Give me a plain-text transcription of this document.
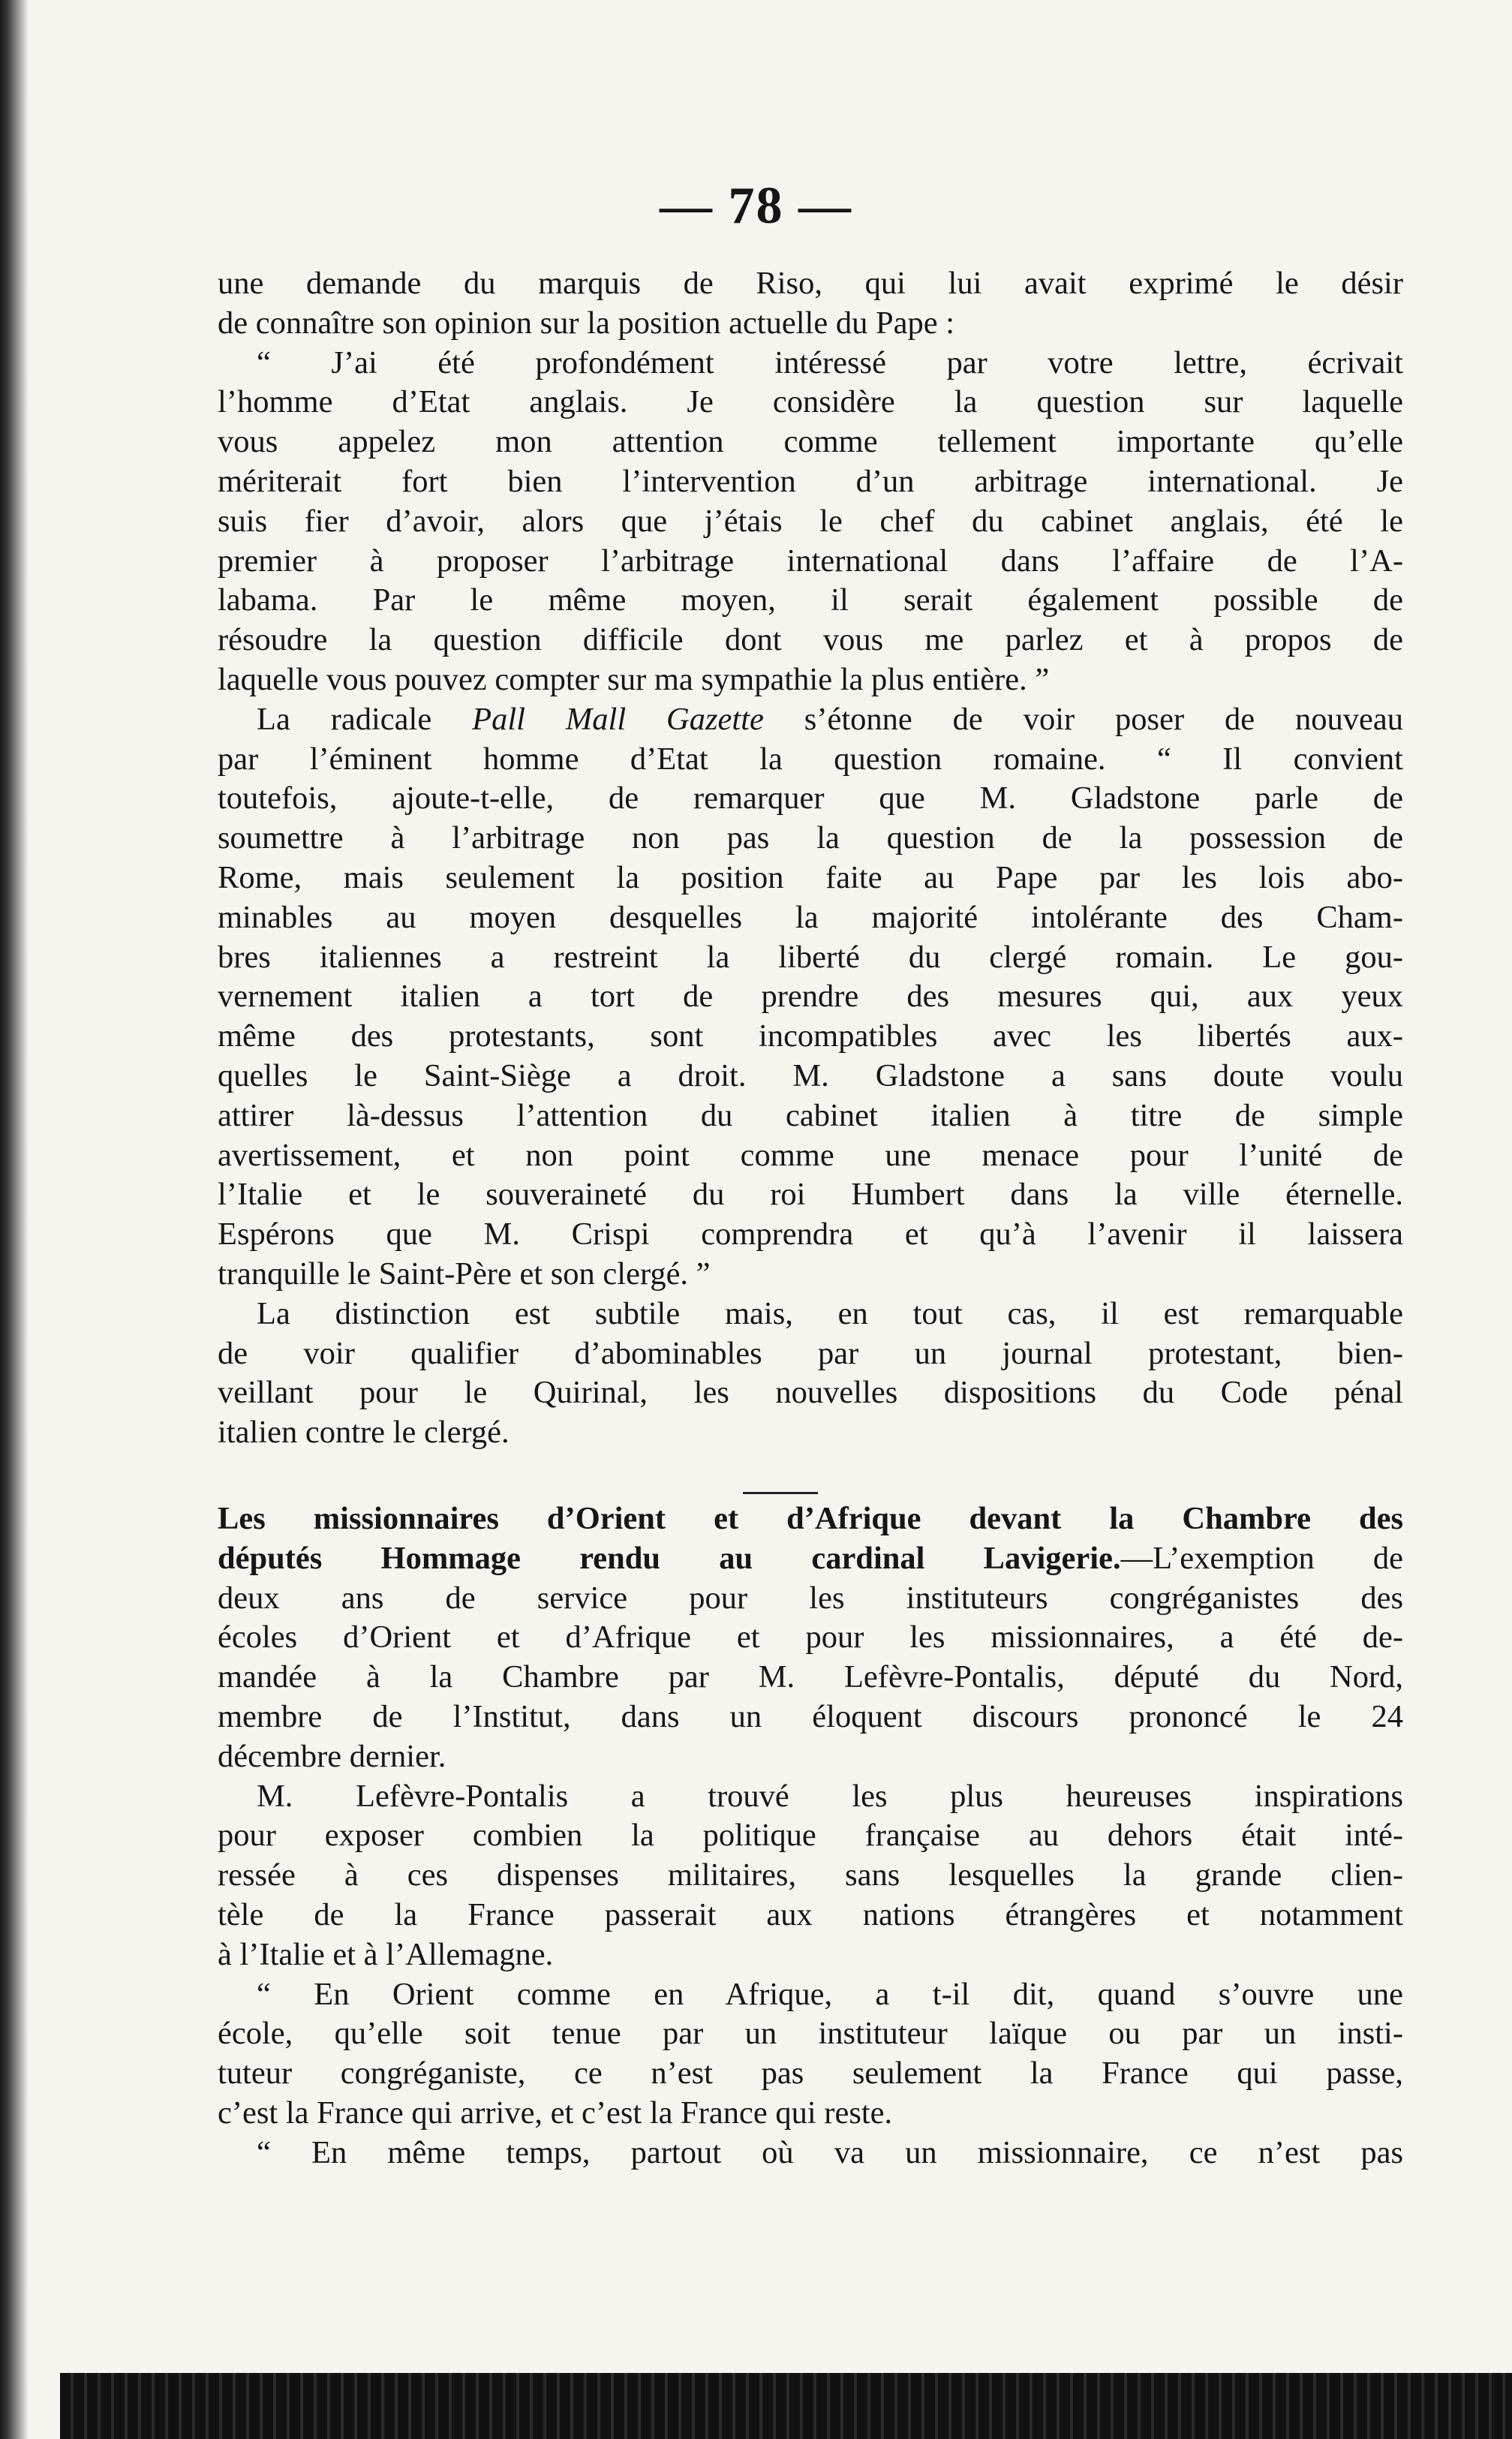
— 78 —
une demande du marquis de Riso, qui lui avait exprimé le désir
de connaître son opinion sur la position actuelle du Pape :
“ J’ai été profondément intéressé par votre lettre, écrivait
l’homme d’Etat anglais. Je considère la question sur laquelle
vous appelez mon attention comme tellement importante qu’elle
mériterait fort bien l’intervention d’un arbitrage international. Je
suis fier d’avoir, alors que j’étais le chef du cabinet anglais, été le
premier à proposer l’arbitrage international dans l’affaire de l’A-
labama. Par le même moyen, il serait également possible de
résoudre la question difficile dont vous me parlez et à propos de
laquelle vous pouvez compter sur ma sympathie la plus entière. ”
La radicale Pall Mall Gazette s’étonne de voir poser de nouveau
par l’éminent homme d’Etat la question romaine. “ Il convient
toutefois, ajoute-t-elle, de remarquer que M. Gladstone parle de
soumettre à l’arbitrage non pas la question de la possession de
Rome, mais seulement la position faite au Pape par les lois abo-
minables au moyen desquelles la majorité intolérante des Cham-
bres italiennes a restreint la liberté du clergé romain. Le gou-
vernement italien a tort de prendre des mesures qui, aux yeux
même des protestants, sont incompatibles avec les libertés aux-
quelles le Saint-Siège a droit. M. Gladstone a sans doute voulu
attirer là-dessus l’attention du cabinet italien à titre de simple
avertissement, et non point comme une menace pour l’unité de
l’Italie et le souveraineté du roi Humbert dans la ville éternelle.
Espérons que M. Crispi comprendra et qu’à l’avenir il laissera
tranquille le Saint-Père et son clergé. ”
La distinction est subtile mais, en tout cas, il est remarquable
de voir qualifier d’abominables par un journal protestant, bien-
veillant pour le Quirinal, les nouvelles dispositions du Code pénal
italien contre le clergé.
Les missionnaires d’Orient et d’Afrique devant la Chambre des
députés Hommage rendu au cardinal Lavigerie.—L’exemption de
deux ans de service pour les instituteurs congréganistes des
écoles d’Orient et d’Afrique et pour les missionnaires, a été de-
mandée à la Chambre par M. Lefèvre-Pontalis, député du Nord,
membre de l’Institut, dans un éloquent discours prononcé le 24
décembre dernier.
M. Lefèvre-Pontalis a trouvé les plus heureuses inspirations
pour exposer combien la politique française au dehors était inté-
ressée à ces dispenses militaires, sans lesquelles la grande clien-
tèle de la France passerait aux nations étrangères et notamment
à l’Italie et à l’Allemagne.
“ En Orient comme en Afrique, a t-il dit, quand s’ouvre une
école, qu’elle soit tenue par un instituteur laïque ou par un insti-
tuteur congréganiste, ce n’est pas seulement la France qui passe,
c’est la France qui arrive, et c’est la France qui reste.
“ En même temps, partout où va un missionnaire, ce n’est pas
